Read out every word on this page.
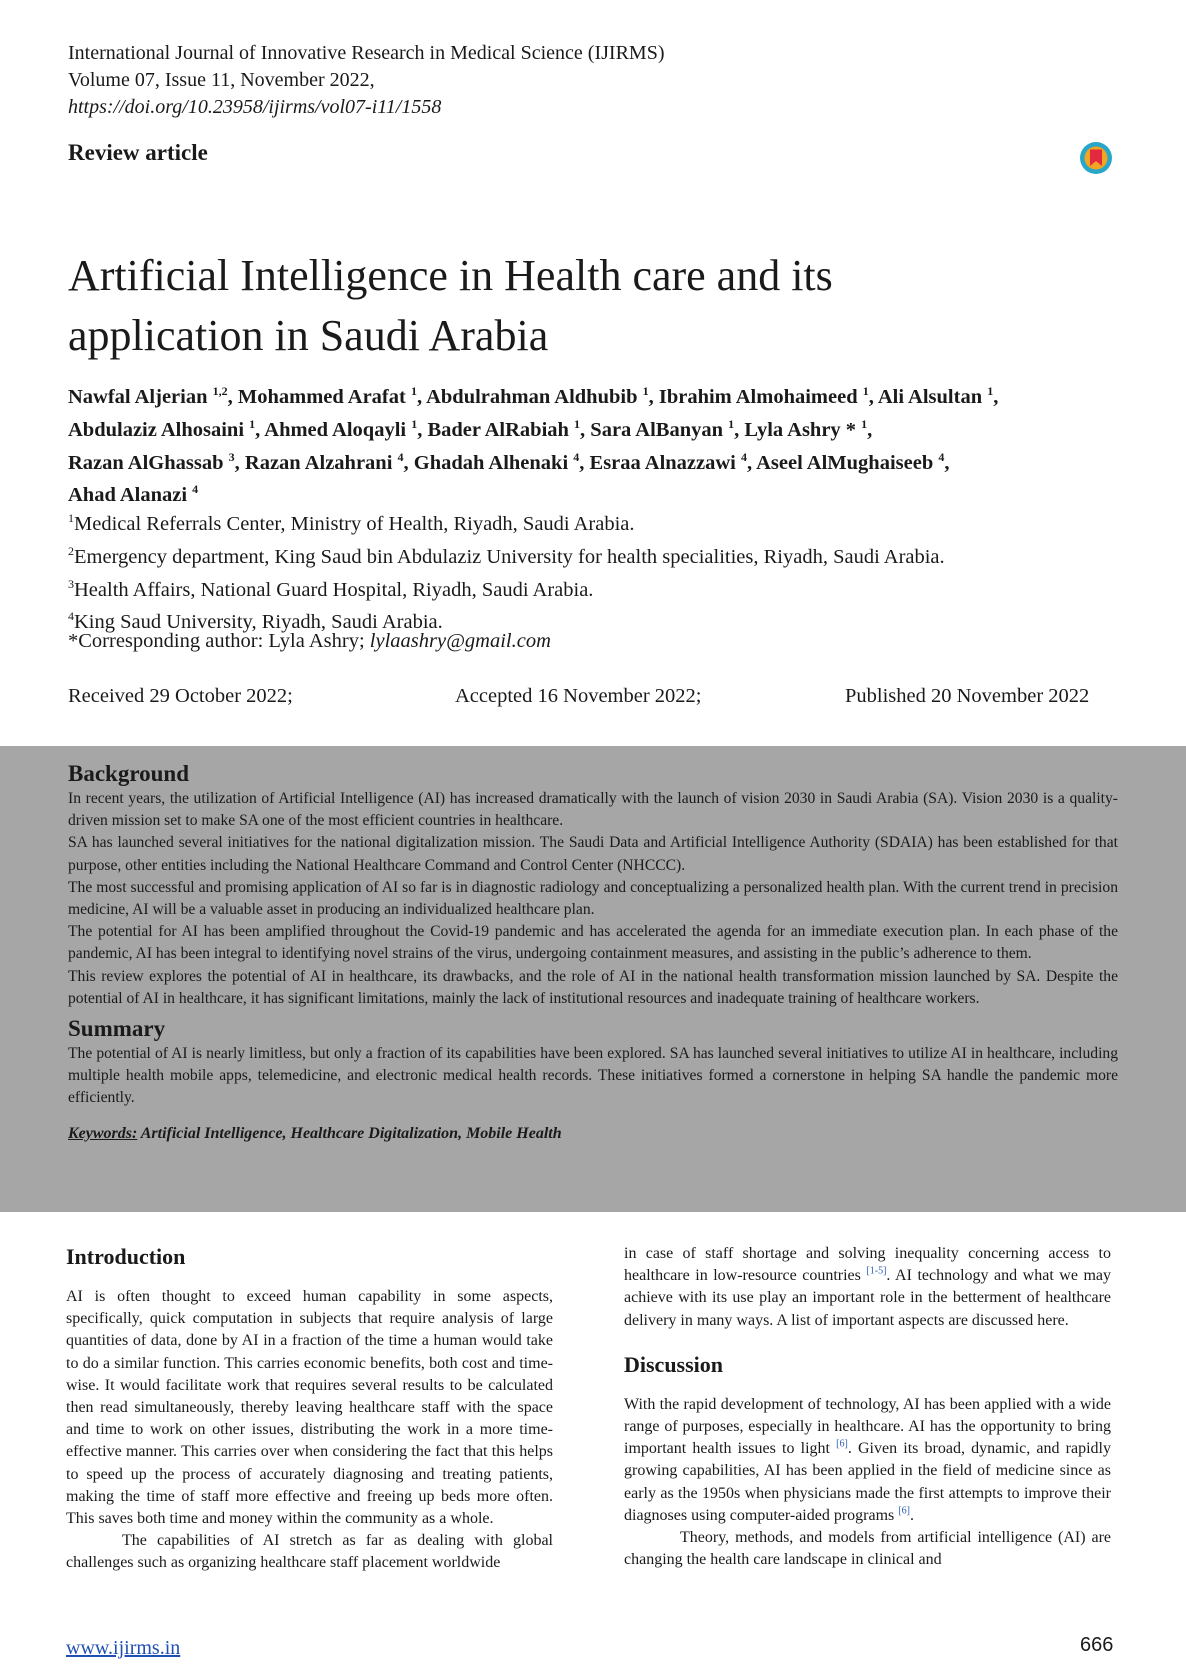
International Journal of Innovative Research in Medical Science (IJIRMS)
Volume 07, Issue 11, November 2022,
https://doi.org/10.23958/ijirms/vol07-i11/1558
Review article
Artificial Intelligence in Health care and its
application in Saudi Arabia
Nawfal Aljerian $^{1,2}$, Mohammed Arafat $^1$, Abdulrahman Aldhubib $^1$, Ibrahim Almohaimeed $^1$, Ali Alsultan $^1$,
Abdulaziz Alhosaini $^1$, Ahmed Aloqayli $^1$, Bader AlRabiah $^1$, Sara AlBanyan $^1$, Lyla Ashry * $^1$,
Razan AlGhassab $^3$, Razan Alzahrani $^4$, Ghadah Alhenaki $^4$, Esraa Alnazzawi $^4$, Aseel AlMughaiseeb $^4$,
Ahad Alanazi $^4$
$^1$Medical Referrals Center, Ministry of Health, Riyadh, Saudi Arabia.
$^2$Emergency department, King Saud bin Abdulaziz University for health specialities, Riyadh, Saudi Arabia.
$^3$Health Affairs, National Guard Hospital, Riyadh, Saudi Arabia.
$^4$King Saud University, Riyadh, Saudi Arabia.
*Corresponding author: Lyla Ashry; lylaashry@gmail.com
Received 29 October 2022;	Accepted 16 November 2022;	Published 20 November 2022
Background

In recent years, the utilization of Artificial Intelligence (AI) has increased dramatically with the launch of vision 2030 in Saudi Arabia (SA). Vision 2030 is a quality-driven mission set to make SA one of the most efficient countries in healthcare.

SA has launched several initiatives for the national digitalization mission. The Saudi Data and Artificial Intelligence Authority (SDAIA) has been established for that purpose, other entities including the National Healthcare Command and Control Center (NHCCC).

The most successful and promising application of AI so far is in diagnostic radiology and conceptualizing a personalized health plan. With the current trend in precision medicine, AI will be a valuable asset in producing an individualized healthcare plan.

The potential for AI has been amplified throughout the Covid-19 pandemic and has accelerated the agenda for an immediate execution plan. In each phase of the pandemic, AI has been integral to identifying novel strains of the virus, undergoing containment measures, and assisting in the public’s adherence to them.

This review explores the potential of AI in healthcare, its drawbacks, and the role of AI in the national health transformation mission launched by SA. Despite the potential of AI in healthcare, it has significant limitations, mainly the lack of institutional resources and inadequate training of healthcare workers.

Summary

The potential of AI is nearly limitless, but only a fraction of its capabilities have been explored. SA has launched several initiatives to utilize AI in healthcare, including multiple health mobile apps, telemedicine, and electronic medical health records. These initiatives formed a cornerstone in helping SA handle the pandemic more efficiently.

Keywords: Artificial Intelligence, Healthcare Digitalization, Mobile Health
Introduction

AI is often thought to exceed human capability in some aspects, specifically, quick computation in subjects that require analysis of large quantities of data, done by AI in a fraction of the time a human would take to do a similar function. This carries economic benefits, both cost and time-wise. It would facilitate work that requires several results to be calculated then read simultaneously, thereby leaving healthcare staff with the space and time to work on other issues, distributing the work in a more time-effective manner. This carries over when considering the fact that this helps to speed up the process of accurately diagnosing and treating patients, making the time of staff more effective and freeing up beds more often. This saves both time and money within the community as a whole.

The capabilities of AI stretch as far as dealing with global challenges such as organizing healthcare staff placement worldwide

in case of staff shortage and solving inequality concerning access to healthcare in low-resource countries [1-5]. AI technology and what we may achieve with its use play an important role in the betterment of healthcare delivery in many ways. A list of important aspects are discussed here.

Discussion

With the rapid development of technology, AI has been applied with a wide range of purposes, especially in healthcare. AI has the opportunity to bring important health issues to light [6]. Given its broad, dynamic, and rapidly growing capabilities, AI has been applied in the field of medicine since as early as the 1950s when physicians made the first attempts to improve their diagnoses using computer-aided programs [6].

Theory, methods, and models from artificial intelligence (AI) are changing the health care landscape in clinical and

www.ijirms.in	666
